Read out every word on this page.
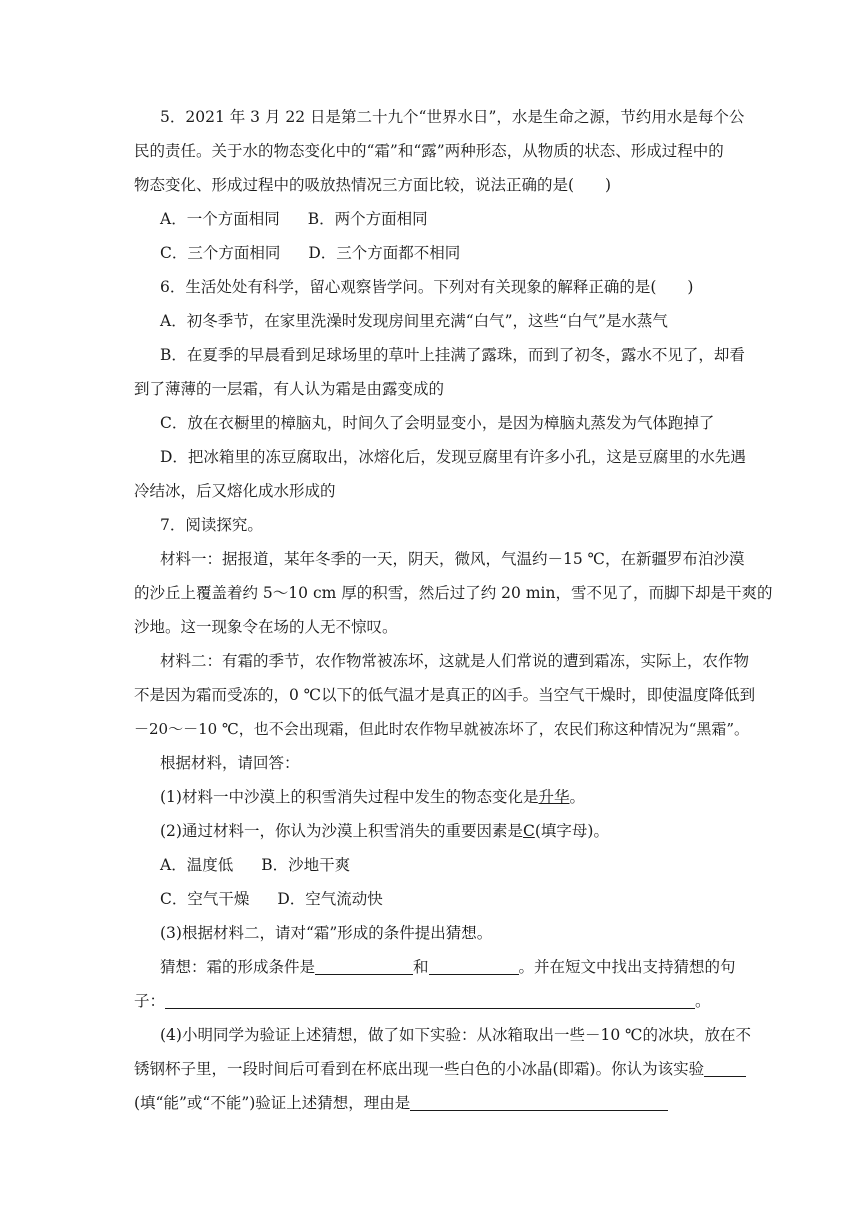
5．2021 年 3 月 22 日是第二十九个“世界水日”，水是生命之源，节约用水是每个公

民的责任。关于水的物态变化中的“霜”和“露”两种形态，从物质的状态、形成过程中的

物态变化、形成过程中的吸放热情况三方面比较，说法正确的是(　　)

A．一个方面相同 B．两个方面相同
C．三个方面相同 D．三个方面都不相同

6．生活处处有科学，留心观察皆学问。下列对有关现象的解释正确的是(　　)

A．初冬季节，在家里洗澡时发现房间里充满“白气”，这些“白气”是水蒸气

B．在夏季的早晨看到足球场里的草叶上挂满了露珠，而到了初冬，露水不见了，却看

到了薄薄的一层霜，有人认为霜是由露变成的

C．放在衣橱里的樟脑丸，时间久了会明显变小，是因为樟脑丸蒸发为气体跑掉了

D．把冰箱里的冻豆腐取出，冰熔化后，发现豆腐里有许多小孔，这是豆腐里的水先遇

冷结冰，后又熔化成水形成的

7．阅读探究。

材料一：据报道，某年冬季的一天，阴天，微风，气温约－15 ℃，在新疆罗布泊沙漠

的沙丘上覆盖着约 5～10 cm 厚的积雪，然后过了约 20 min，雪不见了，而脚下却是干爽的

沙地。这一现象令在场的人无不惊叹。

材料二：有霜的季节，农作物常被冻坏，这就是人们常说的遭到霜冻，实际上，农作物

不是因为霜而受冻的，0 ℃以下的低气温才是真正的凶手。当空气干燥时，即使温度降低到

－20～－10 ℃，也不会出现霜，但此时农作物早就被冻坏了，农民们称这种情况为“黑霜”。

根据材料，请回答：

(1)材料一中沙漠上的积雪消失过程中发生的物态变化是升华。

(2)通过材料一，你认为沙漠上积雪消失的重要因素是C(填字母)。

A．温度低 B．沙地干爽
C．空气干燥 D．空气流动快

(3)根据材料二，请对“霜”形成的条件提出猜想。

猜想：霜的形成条件是	和	。并在短文中找出支持猜想的句

子：	。

(4)小明同学为验证上述猜想，做了如下实验：从冰箱取出一些－10 ℃的冰块，放在不

锈钢杯子里，一段时间后可看到在杯底出现一些白色的小冰晶(即霜)。你认为该实验

(填“能”或“不能”)验证上述猜想，理由是
